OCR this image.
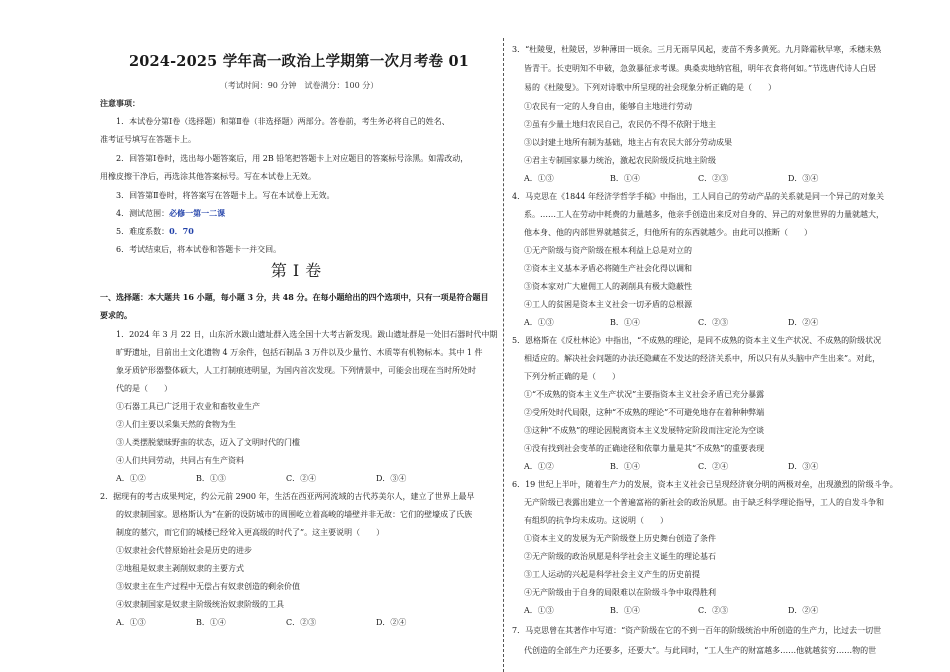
2024-2025 学年高一政治上学期第一次月考卷 01
（考试时间：90 分钟　试卷满分：100 分）
注意事项：
1．本试卷分第Ⅰ卷（选择题）和第Ⅱ卷（非选择题）两部分。答卷前，考生务必将自己的姓名、
准考证号填写在答题卡上。
2．回答第Ⅰ卷时，选出每小题答案后，用 2B 铅笔把答题卡上对应题目的答案标号涂黑。如需改动，
用橡皮擦干净后，再选涂其他答案标号。写在本试卷上无效。
3．回答第Ⅱ卷时，将答案写在答题卡上。写在本试卷上无效。
4．测试范围：必修一第一二课
5．难度系数：0．70
6．考试结束后，将本试卷和答题卡一并交回。
第Ⅰ卷
一、选择题：本大题共 16 小题，每小题 3 分，共 48 分。在每小题给出的四个选项中，只有一项是符合题目
要求的。
1．2024 年 3 月 22 日，山东沂水跋山遗址群入选全国十大考古新发现。跋山遗址群是一处旧石器时代中期
旷野遗址，目前出土文化遗物 4 万余件，包括石制品 3 万件以及少量竹、木质等有机物标本。其中 1 件
象牙质铲形器整体硕大，人工打制痕迹明显，为国内首次发现。下列情景中，可能会出现在当时所处时
代的是（　　）
①石器工具已广泛用于农业和畜牧业生产
②人们主要以采集天然的食物为生
③人类摆脱蒙昧野蛮的状态，迈入了文明时代的门槛
④人们共同劳动，共同占有生产资料
A．①②	B．①③	C．②④	D．③④
2．据现有的考古成果判定，约公元前 2900 年，生活在西亚两河流域的古代苏美尔人，建立了世界上最早
的奴隶制国家。恩格斯认为“在新的设防城市的周围屹立着高峻的墙壁并非无故：它们的壁壕成了氏族
制度的墓穴，而它们的城楼已经耸入更高级的时代了”。这主要说明（　　）
①奴隶社会代替原始社会是历史的进步
②地租是奴隶主剥削奴隶的主要方式
③奴隶主在生产过程中无偿占有奴隶创造的剩余价值
④奴隶制国家是奴隶主阶级统治奴隶阶级的工具
A．①③	B．①④	C．②③	D．②④
3．“杜陵叟，杜陵居，岁种薄田一顷余。三月无雨旱风起，麦苗不秀多黄死。九月降霜秋早寒，禾穗未熟
皆青干。长吏明知不申破，急敛暴征求考课。典桑卖地纳官租，明年衣食将何如。”节选唐代诗人白居
易的《杜陵叟》。下列对诗歌中所呈现的社会现象分析正确的是（　　）
①农民有一定的人身自由，能够自主地进行劳动
②虽有少量土地归农民自己，农民仍不得不依附于地主
③以封建土地所有制为基础，地主占有农民大部分劳动成果
④君主专制国家暴力统治，激起农民阶级反抗地主阶级
A．①③	B．①④	C．②③	D．③④
4．马克思在《1844 年经济学哲学手稿》中指出，工人同自己的劳动产品的关系就是同一个异己的对象关
系。……工人在劳动中耗费的力量越多，他亲手创造出来反对自身的、异己的对象世界的力量就越大，
他本身、他的内部世界就越贫乏，归他所有的东西就越少。由此可以推断（　　）
①无产阶级与资产阶级在根本利益上总是对立的
②资本主义基本矛盾必将随生产社会化得以调和
③资本家对广大雇佣工人的剥削具有极大隐蔽性
④工人的贫困是资本主义社会一切矛盾的总根源
A．①③	B．①④	C．②③	D．②④
5．恩格斯在《反杜林论》中指出，“不成熟的理论，是同不成熟的资本主义生产状况、不成熟的阶级状况
相适应的。解决社会问题的办法还隐藏在不发达的经济关系中，所以只有从头脑中产生出来”。对此，
下列分析正确的是（　　）
①“不成熟的资本主义生产状况”主要指资本主义社会矛盾已充分暴露
②受所处时代局限，这种“不成熟的理论”不可避免地存在着种种弊端
③这种“不成熟”的理论因脱离资本主义发展特定阶段而注定沦为空谈
④没有找到社会变革的正确途径和依靠力量是其“不成熟”的重要表现
A．①②	B．①④	C．②④	D．③④
6．19 世纪上半叶，随着生产力的发展，资本主义社会已呈现经济衰分明的两极对垒，出现激烈的阶级斗争。
无产阶级已表露出建立一个普遍富裕的新社会的政治夙愿。由于缺乏科学理论指导，工人的自发斗争和
有组织的抗争均未成功。这说明（　　）
①资本主义的发展为无产阶级登上历史舞台创造了条件
②无产阶级的政治夙愿是科学社会主义诞生的理论基石
③工人运动的兴起是科学社会主义产生的历史前提
④无产阶级由于自身的局限难以在阶级斗争中取得胜利
A．①③	B．①④	C．②③	D．②④
7．马克思曾在其著作中写道：“资产阶级在它的不到一百年的阶级统治中所创造的生产力，比过去一切世
代创造的全部生产力还要多，还要大”。与此同时，“工人生产的财富越多……他就越贫穷……物的世
